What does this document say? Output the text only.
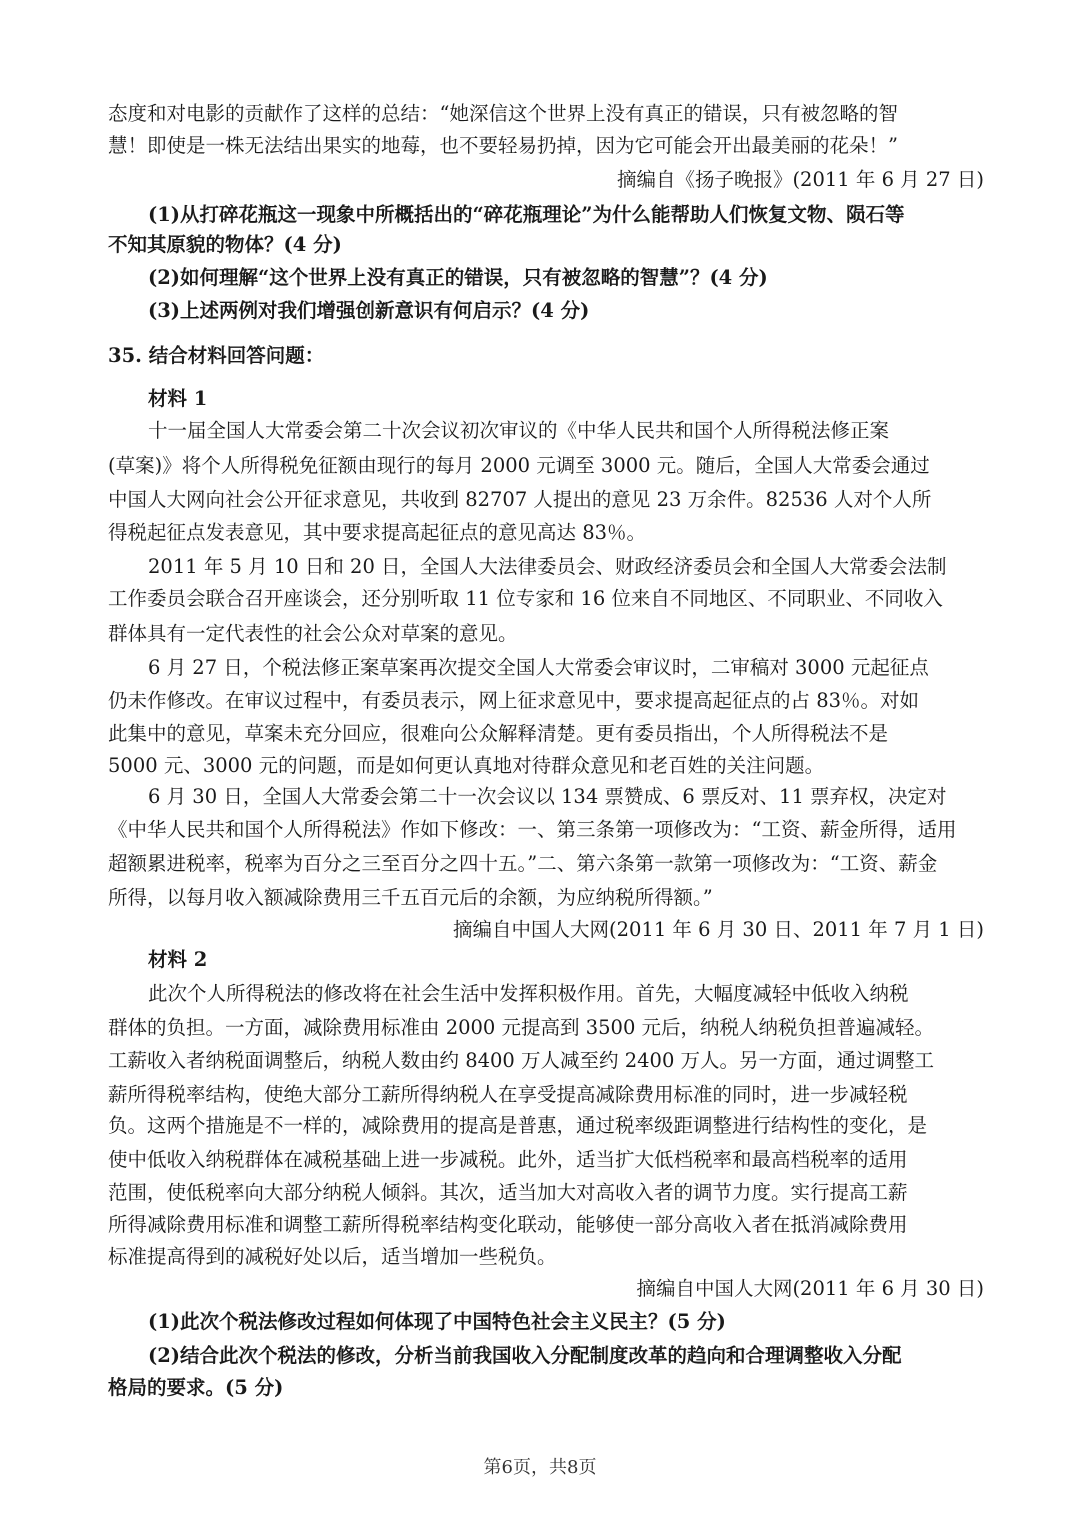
态度和对电影的贡献作了这样的总结：“她深信这个世界上没有真正的错误，只有被忽略的智

慧！即使是一株无法结出果实的地莓，也不要轻易扔掉，因为它可能会开出最美丽的花朵！”

摘编自《扬子晚报》(2011 年 6 月 27 日)

(1)从打碎花瓶这一现象中所概括出的“碎花瓶理论”为什么能帮助人们恢复文物、陨石等

不知其原貌的物体？(4 分)

(2)如何理解“这个世界上没有真正的错误，只有被忽略的智慧”？(4 分)

(3)上述两例对我们增强创新意识有何启示？(4 分)

35. 结合材料回答问题：

材料 1

十一届全国人大常委会第二十次会议初次审议的《中华人民共和国个人所得税法修正案

(草案)》将个人所得税免征额由现行的每月 2000 元调至 3000 元。随后，全国人大常委会通过

中国人大网向社会公开征求意见，共收到 82707 人提出的意见 23 万余件。82536 人对个人所

得税起征点发表意见，其中要求提高起征点的意见高达 83％。

2011 年 5 月 10 日和 20 日，全国人大法律委员会、财政经济委员会和全国人大常委会法制

工作委员会联合召开座谈会，还分别听取 11 位专家和 16 位来自不同地区、不同职业、不同收入

群体具有一定代表性的社会公众对草案的意见。

6 月 27 日，个税法修正案草案再次提交全国人大常委会审议时，二审稿对 3000 元起征点

仍未作修改。在审议过程中，有委员表示，网上征求意见中，要求提高起征点的占 83％。对如

此集中的意见，草案未充分回应，很难向公众解释清楚。更有委员指出，个人所得税法不是

5000 元、3000 元的问题，而是如何更认真地对待群众意见和老百姓的关注问题。

6 月 30 日，全国人大常委会第二十一次会议以 134 票赞成、6 票反对、11 票弃权，决定对

《中华人民共和国个人所得税法》作如下修改：一、第三条第一项修改为：“工资、薪金所得，适用

超额累进税率，税率为百分之三至百分之四十五。”二、第六条第一款第一项修改为：“工资、薪金

所得，以每月收入额减除费用三千五百元后的余额，为应纳税所得额。”

摘编自中国人大网(2011 年 6 月 30 日、2011 年 7 月 1 日)

材料 2

此次个人所得税法的修改将在社会生活中发挥积极作用。首先，大幅度减轻中低收入纳税

群体的负担。一方面，减除费用标准由 2000 元提高到 3500 元后，纳税人纳税负担普遍减轻。

工薪收入者纳税面调整后，纳税人数由约 8400 万人减至约 2400 万人。另一方面，通过调整工

薪所得税率结构，使绝大部分工薪所得纳税人在享受提高减除费用标准的同时，进一步减轻税

负。这两个措施是不一样的，减除费用的提高是普惠，通过税率级距调整进行结构性的变化，是

使中低收入纳税群体在减税基础上进一步减税。此外，适当扩大低档税率和最高档税率的适用

范围，使低税率向大部分纳税人倾斜。其次，适当加大对高收入者的调节力度。实行提高工薪

所得减除费用标准和调整工薪所得税率结构变化联动，能够使一部分高收入者在抵消减除费用

标准提高得到的减税好处以后，适当增加一些税负。

摘编自中国人大网(2011 年 6 月 30 日)

(1)此次个税法修改过程如何体现了中国特色社会主义民主？(5 分)

(2)结合此次个税法的修改，分析当前我国收入分配制度改革的趋向和合理调整收入分配

格局的要求。(5 分)

第6页，共8页
